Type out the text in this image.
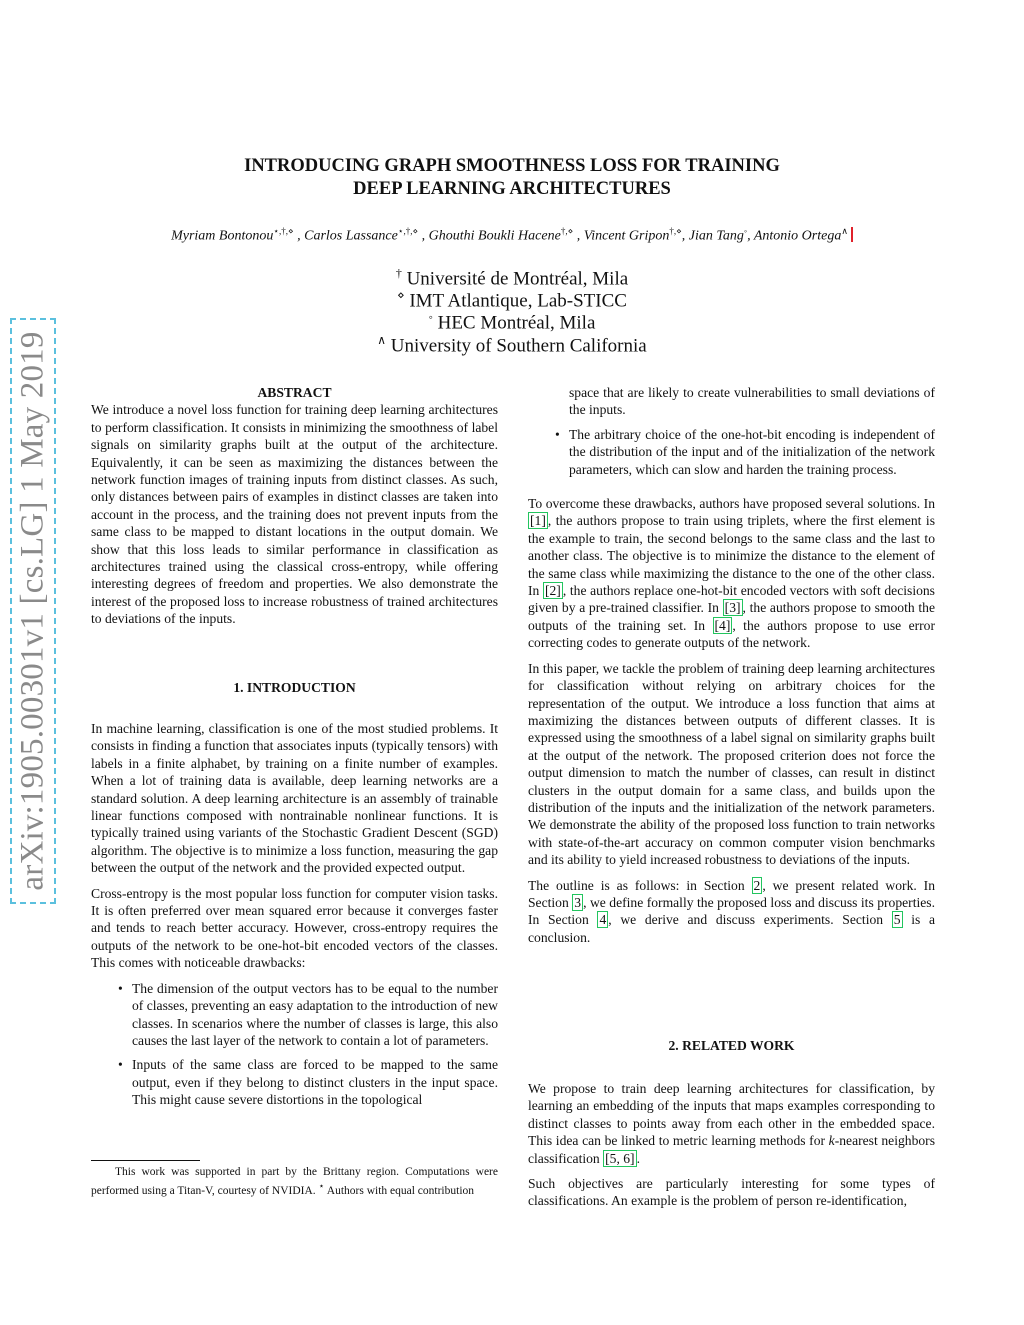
arXiv:1905.00301v1 [cs.LG] 1 May 2019
INTRODUCING GRAPH SMOOTHNESS LOSS FOR TRAINING
DEEP LEARNING ARCHITECTURES
Myriam Bontonou⋆,†,⋄ , Carlos Lassance⋆,†,⋄ , Ghouthi Boukli Hacene†,⋄ , Vincent Gripon†,⋄, Jian Tang◦, Antonio Ortega∧
† Université de Montréal, Mila
⋄ IMT Atlantique, Lab-STICC
◦ HEC Montréal, Mila
∧ University of Southern California

ABSTRACT

We introduce a novel loss function for training deep learning architectures to perform classification. It consists in minimizing the smoothness of label signals on similarity graphs built at the output of the architecture. Equivalently, it can be seen as maximizing the distances between the network function images of training inputs from distinct classes. As such, only distances between pairs of examples in distinct classes are taken into account in the process, and the training does not prevent inputs from the same class to be mapped to distant locations in the output domain. We show that this loss leads to similar performance in classification as architectures trained using the classical cross-entropy, while offering interesting degrees of freedom and properties. We also demonstrate the interest of the proposed loss to increase robustness of trained architectures to deviations of the inputs.

1. INTRODUCTION

In machine learning, classification is one of the most studied problems. It consists in finding a function that associates inputs (typically tensors) with labels in a finite alphabet, by training on a finite number of examples. When a lot of training data is available, deep learning networks are a standard solution. A deep learning architecture is an assembly of trainable linear functions composed with nontrainable nonlinear functions. It is typically trained using variants of the Stochastic Gradient Descent (SGD) algorithm. The objective is to minimize a loss function, measuring the gap between the output of the network and the provided expected output.

Cross-entropy is the most popular loss function for computer vision tasks. It is often preferred over mean squared error because it converges faster and tends to reach better accuracy. However, cross-entropy requires the outputs of the network to be one-hot-bit encoded vectors of the classes. This comes with noticeable drawbacks:

• The dimension of the output vectors has to be equal to the number of classes, preventing an easy adaptation to the introduction of new classes. In scenarios where the number of classes is large, this also causes the last layer of the network to contain a lot of parameters.

• Inputs of the same class are forced to be mapped to the same output, even if they belong to distinct clusters in the input space. This might cause severe distortions in the topological

This work was supported in part by the Brittany region. Computations were performed using a Titan-V, courtesy of NVIDIA. ⋆ Authors with equal contribution

space that are likely to create vulnerabilities to small deviations of the inputs.

• The arbitrary choice of the one-hot-bit encoding is independent of the distribution of the input and of the initialization of the network parameters, which can slow and harden the training process.

To overcome these drawbacks, authors have proposed several solutions. In [1] , the authors propose to train using triplets, where the first element is the example to train, the second belongs to the same class and the last to another class. The objective is to minimize the distance to the element of the same class while maximizing the distance to the one of the other class. In [2] , the authors replace one-hot-bit encoded vectors with soft decisions given by a pre-trained classifier. In [3] , the authors propose to smooth the outputs of the training set. In [4] , the authors propose to use error correcting codes to generate outputs of the network.

In this paper, we tackle the problem of training deep learning architectures for classification without relying on arbitrary choices for the representation of the output. We introduce a loss function that aims at maximizing the distances between outputs of different classes. It is expressed using the smoothness of a label signal on similarity graphs built at the output of the network. The proposed criterion does not force the output dimension to match the number of classes, can result in distinct clusters in the output domain for a same class, and builds upon the distribution of the inputs and the initialization of the network parameters. We demonstrate the ability of the proposed loss function to train networks with state-of-the-art accuracy on common computer vision benchmarks and its ability to yield increased robustness to deviations of the inputs.

The outline is as follows: in Section 2 , we present related work. In Section 3 , we define formally the proposed loss and discuss its properties. In Section 4 , we derive and discuss experiments. Section 5 is a conclusion.

2. RELATED WORK

We propose to train deep learning architectures for classification, by learning an embedding of the inputs that maps examples corresponding to distinct classes to points away from each other in the embedded space. This idea can be linked to metric learning methods for k-nearest neighbors classification [5, 6] .

Such objectives are particularly interesting for some types of classifications. An example is the problem of person re-identification,
